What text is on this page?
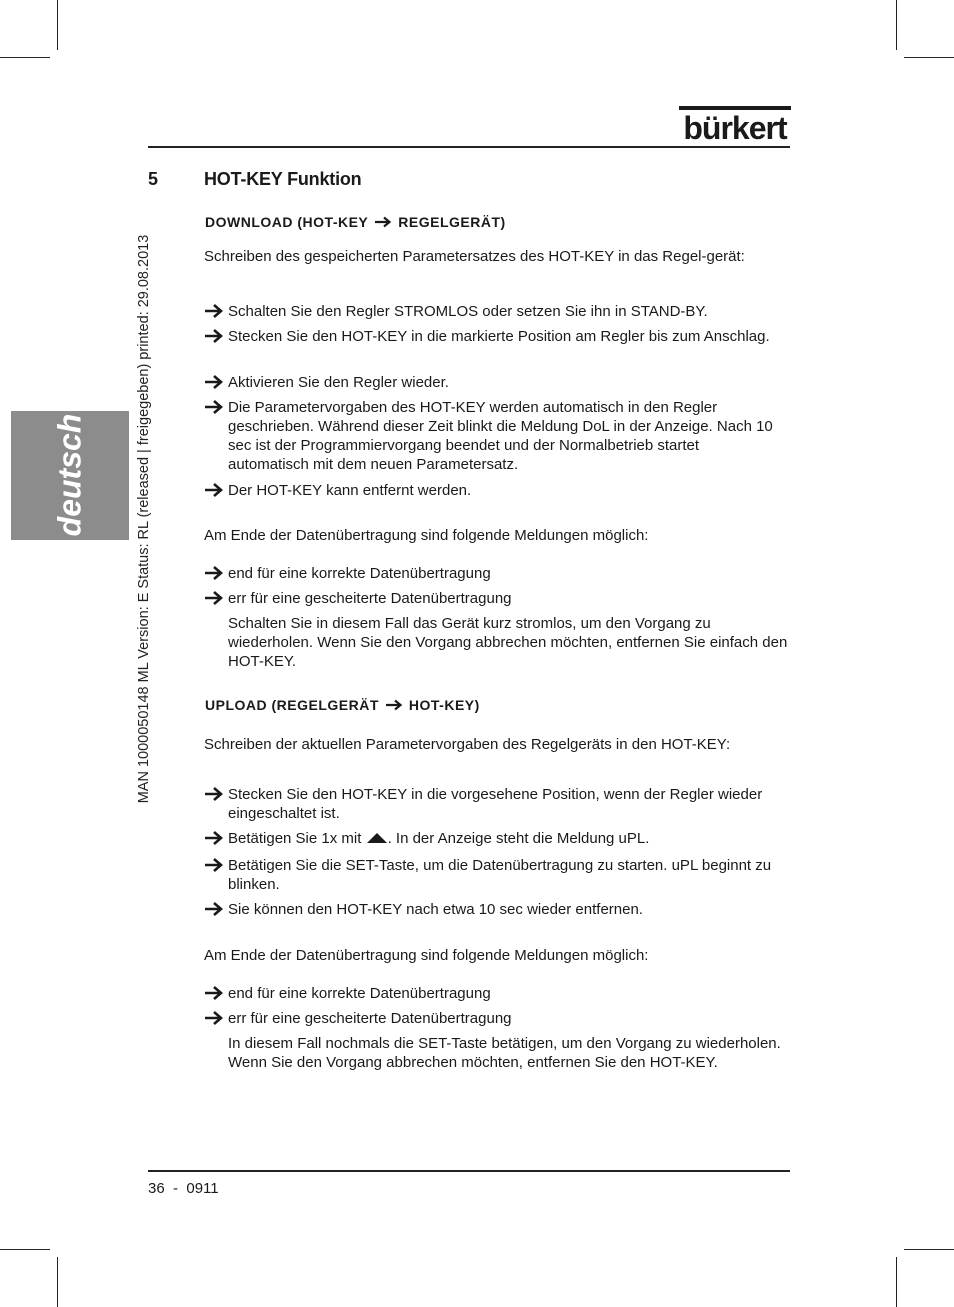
bürkert
deutsch	MAN 1000050148 ML Version: E Status: RL (released | freigegeben) printed: 29.08.2013
5	HOT-KEY Funktion
DOWNLOAD (HOT-KEY REGELGERÄT)
Schreiben des gespeicherten Parametersatzes des HOT-KEY in das Regel-gerät:
Schalten Sie den Regler STROMLOS oder setzen Sie ihn in STAND-BY.
Stecken Sie den HOT-KEY in die markierte Position am Regler bis zum Anschlag.
Aktivieren Sie den Regler wieder.
Die Parametervorgaben des HOT-KEY werden automatisch in den Regler geschrieben. Während dieser Zeit blinkt die Meldung DoL in der Anzeige. Nach 10 sec ist der Programmiervorgang beendet und der Normalbetrieb startet automatisch mit dem neuen Parametersatz.
Der HOT-KEY kann entfernt werden.
Am Ende der Datenübertragung sind folgende Meldungen möglich:
end für eine korrekte Datenübertragung
err für eine gescheiterte Datenübertragung
Schalten Sie in diesem Fall das Gerät kurz stromlos, um den Vorgang zu wiederholen. Wenn Sie den Vorgang abbrechen möchten, entfernen Sie einfach den HOT-KEY.
UPLOAD (REGELGERÄT HOT-KEY)
Schreiben der aktuellen Parametervorgaben des Regelgeräts in den HOT-KEY:
Stecken Sie den HOT-KEY in die vorgesehene Position, wenn der Regler wieder eingeschaltet ist.
Betätigen Sie 1x mit . In der Anzeige steht die Meldung uPL.
Betätigen Sie die SET-Taste, um die Datenübertragung zu starten. uPL beginnt zu blinken.
Sie können den HOT-KEY nach etwa 10 sec wieder entfernen.
Am Ende der Datenübertragung sind folgende Meldungen möglich:
end für eine korrekte Datenübertragung
err für eine gescheiterte Datenübertragung
In diesem Fall nochmals die SET-Taste betätigen, um den Vorgang zu wiederholen. Wenn Sie den Vorgang abbrechen möchten, entfernen Sie den HOT-KEY.
36  -  0911
